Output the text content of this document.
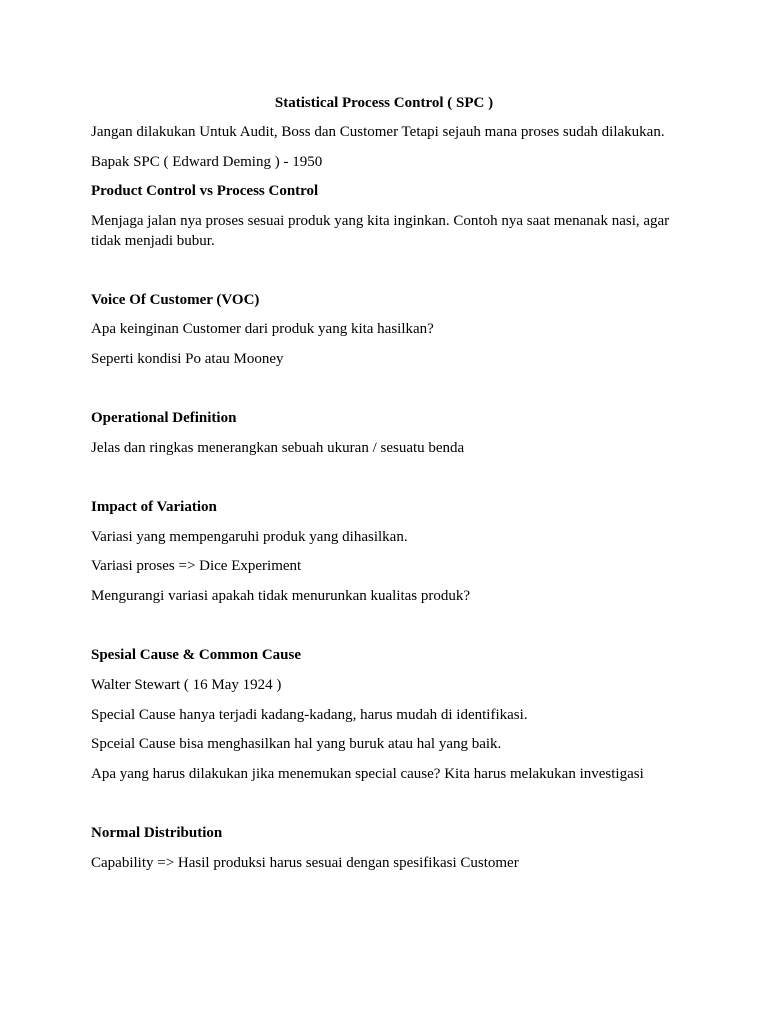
Statistical Process Control ( SPC )

Jangan dilakukan Untuk Audit, Boss dan Customer Tetapi sejauh mana proses sudah dilakukan.

Bapak SPC ( Edward Deming ) - 1950

Product Control vs Process Control

Menjaga jalan nya proses sesuai produk yang kita inginkan. Contoh nya saat menanak nasi, agar tidak menjadi bubur.

Voice Of Customer (VOC)

Apa keinginan Customer dari produk yang kita hasilkan?

Seperti kondisi Po atau Mooney

Operational Definition

Jelas dan ringkas menerangkan sebuah ukuran / sesuatu benda

Impact of Variation

Variasi yang mempengaruhi produk yang dihasilkan.

Variasi proses => Dice Experiment

Mengurangi variasi apakah tidak menurunkan kualitas produk?

Spesial Cause & Common Cause

Walter Stewart ( 16 May 1924 )

Special Cause hanya terjadi kadang-kadang, harus mudah di identifikasi.

Spceial Cause bisa menghasilkan hal yang buruk atau hal yang baik.

Apa yang harus dilakukan jika menemukan special cause? Kita harus melakukan investigasi

Normal Distribution

Capability => Hasil produksi harus sesuai dengan spesifikasi Customer
